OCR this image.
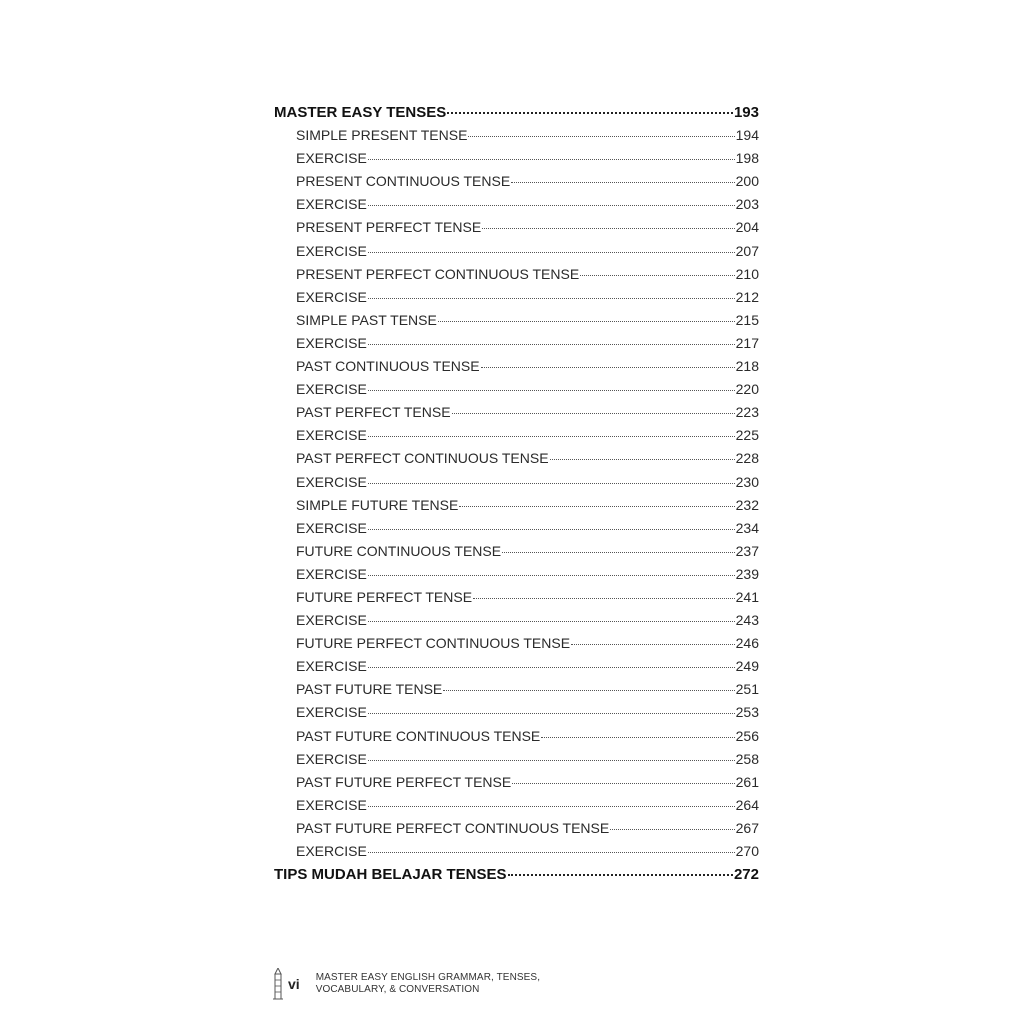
MASTER EASY TENSES	193
SIMPLE PRESENT TENSE	194
EXERCISE	198
PRESENT CONTINUOUS TENSE	200
EXERCISE	203
PRESENT PERFECT TENSE	204
EXERCISE	207
PRESENT PERFECT CONTINUOUS TENSE	210
EXERCISE	212
SIMPLE PAST TENSE	215
EXERCISE	217
PAST CONTINUOUS TENSE	218
EXERCISE	220
PAST PERFECT TENSE	223
EXERCISE	225
PAST PERFECT CONTINUOUS TENSE	228
EXERCISE	230
SIMPLE FUTURE TENSE	232
EXERCISE	234
FUTURE CONTINUOUS TENSE	237
EXERCISE	239
FUTURE PERFECT TENSE	241
EXERCISE	243
FUTURE PERFECT CONTINUOUS TENSE	246
EXERCISE	249
PAST FUTURE TENSE	251
EXERCISE	253
PAST FUTURE CONTINUOUS TENSE	256
EXERCISE	258
PAST FUTURE PERFECT TENSE	261
EXERCISE	264
PAST FUTURE PERFECT CONTINUOUS TENSE	267
EXERCISE	270
TIPS MUDAH BELAJAR TENSES	272
vi MASTER EASY ENGLISH GRAMMAR, TENSES,
VOCABULARY, & CONVERSATION
